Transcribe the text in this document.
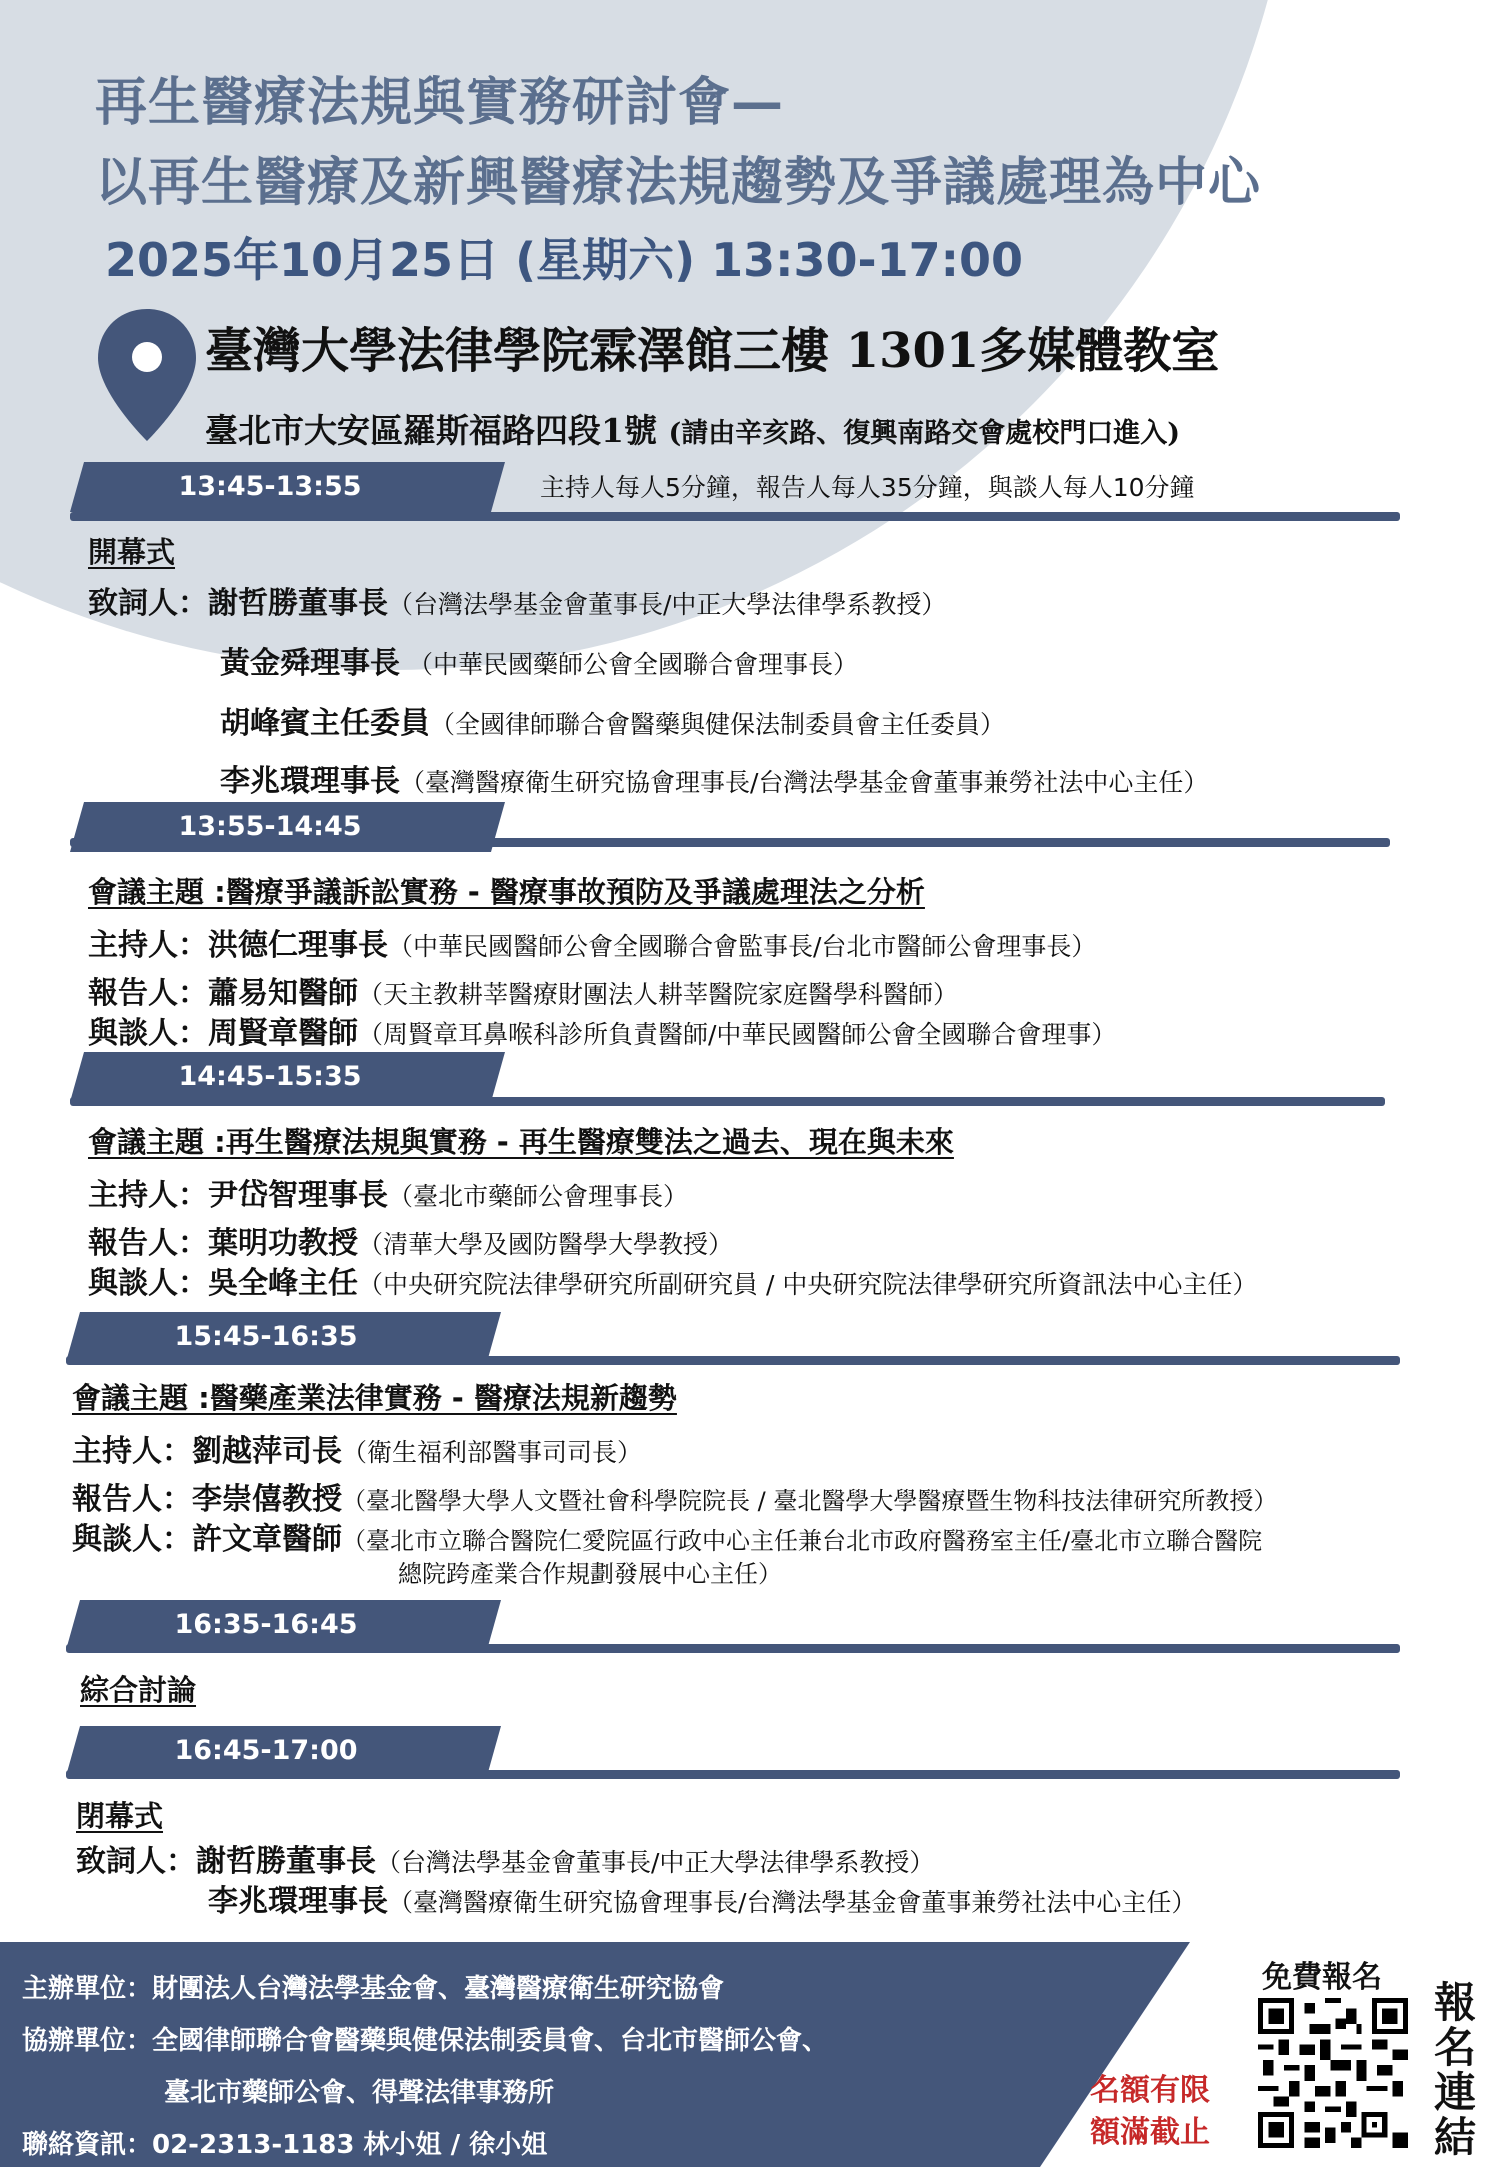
再生醫療法規與實務研討會—
以再生醫療及新興醫療法規趨勢及爭議處理為中心
2025年10月25日 (星期六) 13:30-17:00
臺灣大學法律學院霖澤館三樓 1301多媒體教室
臺北市大安區羅斯福路四段1號 (請由辛亥路、復興南路交會處校門口進入)
13:45-13:55	主持人每人5分鐘，報告人每人35分鐘，與談人每人10分鐘
開幕式
致詞人：謝哲勝董事長（台灣法學基金會董事長/中正大學法律學系教授）
黃金舜理事長 （中華民國藥師公會全國聯合會理事長）
胡峰賓主任委員（全國律師聯合會醫藥與健保法制委員會主任委員）
李兆環理事長（臺灣醫療衛生研究協會理事長/台灣法學基金會董事兼勞社法中心主任）
13:55-14:45
會議主題 :醫療爭議訴訟實務 - 醫療事故預防及爭議處理法之分析
主持人：洪德仁理事長（中華民國醫師公會全國聯合會監事長/台北市醫師公會理事長）
報告人：蕭易知醫師（天主教耕莘醫療財團法人耕莘醫院家庭醫學科醫師）
與談人：周賢章醫師（周賢章耳鼻喉科診所負責醫師/中華民國醫師公會全國聯合會理事）
14:45-15:35
會議主題 :再生醫療法規與實務 - 再生醫療雙法之過去、現在與未來
主持人：尹岱智理事長（臺北市藥師公會理事長）
報告人：葉明功教授（清華大學及國防醫學大學教授）
與談人：吳全峰主任（中央研究院法律學研究所副研究員 / 中央研究院法律學研究所資訊法中心主任）
15:45-16:35
會議主題 :醫藥產業法律實務 - 醫療法規新趨勢
主持人：劉越萍司長（衛生福利部醫事司司長）
報告人：李崇僖教授（臺北醫學大學人文暨社會科學院院長 / 臺北醫學大學醫療暨生物科技法律研究所教授）
與談人：許文章醫師（臺北市立聯合醫院仁愛院區行政中心主任兼台北市政府醫務室主任/臺北市立聯合醫院
總院跨產業合作規劃發展中心主任）
16:35-16:45
綜合討論
16:45-17:00
閉幕式
致詞人：謝哲勝董事長（台灣法學基金會董事長/中正大學法律學系教授）
李兆環理事長（臺灣醫療衛生研究協會理事長/台灣法學基金會董事兼勞社法中心主任）
主辦單位：財團法人台灣法學基金會、臺灣醫療衛生研究協會
協辦單位：全國律師聯合會醫藥與健保法制委員會、台北市醫師公會、
臺北市藥師公會、得聲法律事務所
聯絡資訊：02-2313-1183 林小姐 / 徐小姐
名額有限
額滿截止
免費報名
報名連結
